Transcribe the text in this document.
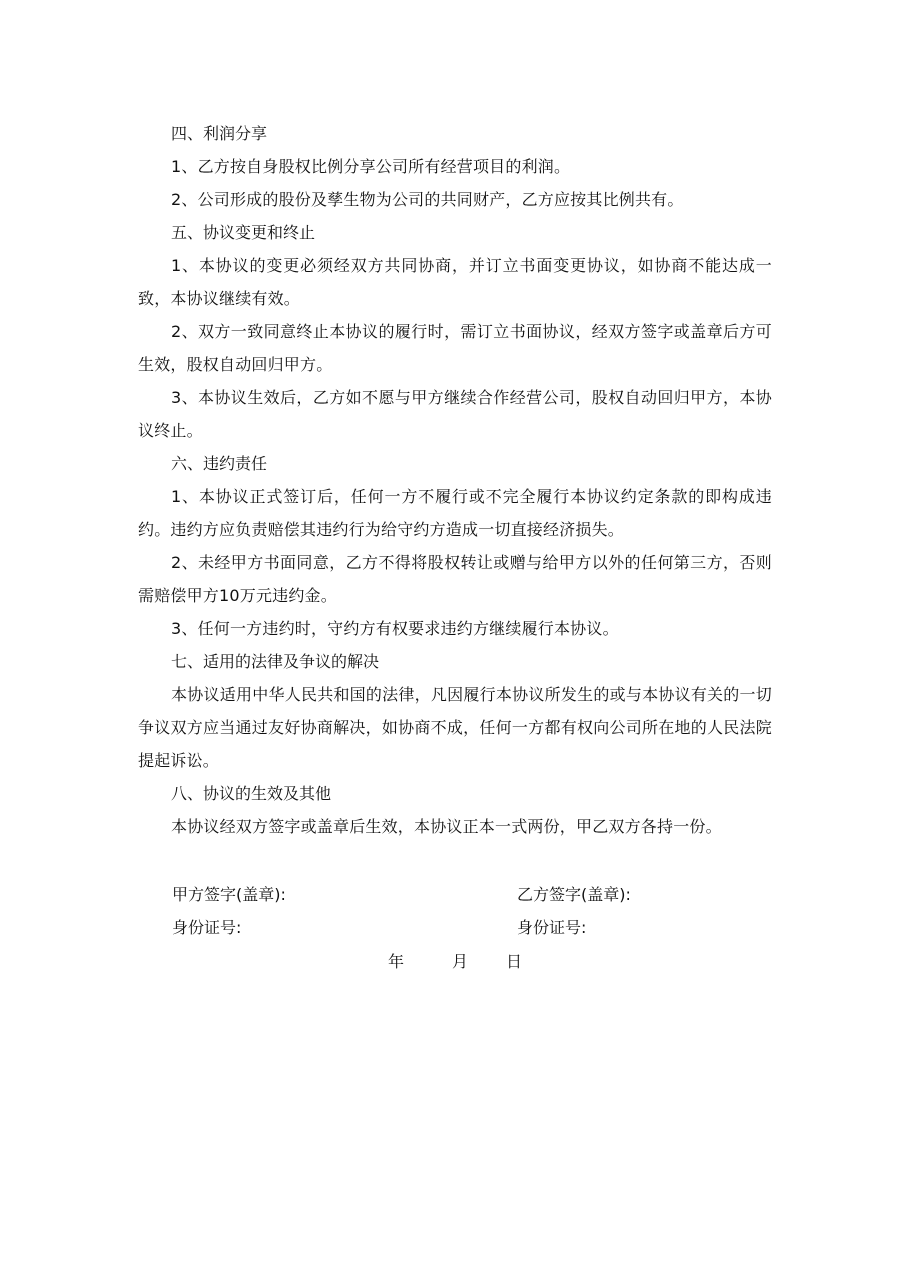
四、利润分享

1、乙方按自身股权比例分享公司所有经营项目的利润。

2、公司形成的股份及孳生物为公司的共同财产，乙方应按其比例共有。

五、协议变更和终止

1、本协议的变更必须经双方共同协商，并订立书面变更协议，如协商不能达成一致，本协议继续有效。

2、双方一致同意终止本协议的履行时，需订立书面协议，经双方签字或盖章后方可生效，股权自动回归甲方。

3、本协议生效后，乙方如不愿与甲方继续合作经营公司，股权自动回归甲方，本协议终止。

六、违约责任

1、本协议正式签订后，任何一方不履行或不完全履行本协议约定条款的即构成违约。违约方应负责赔偿其违约行为给守约方造成一切直接经济损失。

2、未经甲方书面同意，乙方不得将股权转让或赠与给甲方以外的任何第三方，否则需赔偿甲方10万元违约金。

3、任何一方违约时，守约方有权要求违约方继续履行本协议。

七、适用的法律及争议的解决

本协议适用中华人民共和国的法律，凡因履行本协议所发生的或与本协议有关的一切争议双方应当通过友好协商解决，如协商不成，任何一方都有权向公司所在地的人民法院提起诉讼。

八、协议的生效及其他

本协议经双方签字或盖章后生效，本协议正本一式两份，甲乙双方各持一份。

甲方签字(盖章):	乙方签字(盖章):
身份证号:	身份证号:
年	月 日
